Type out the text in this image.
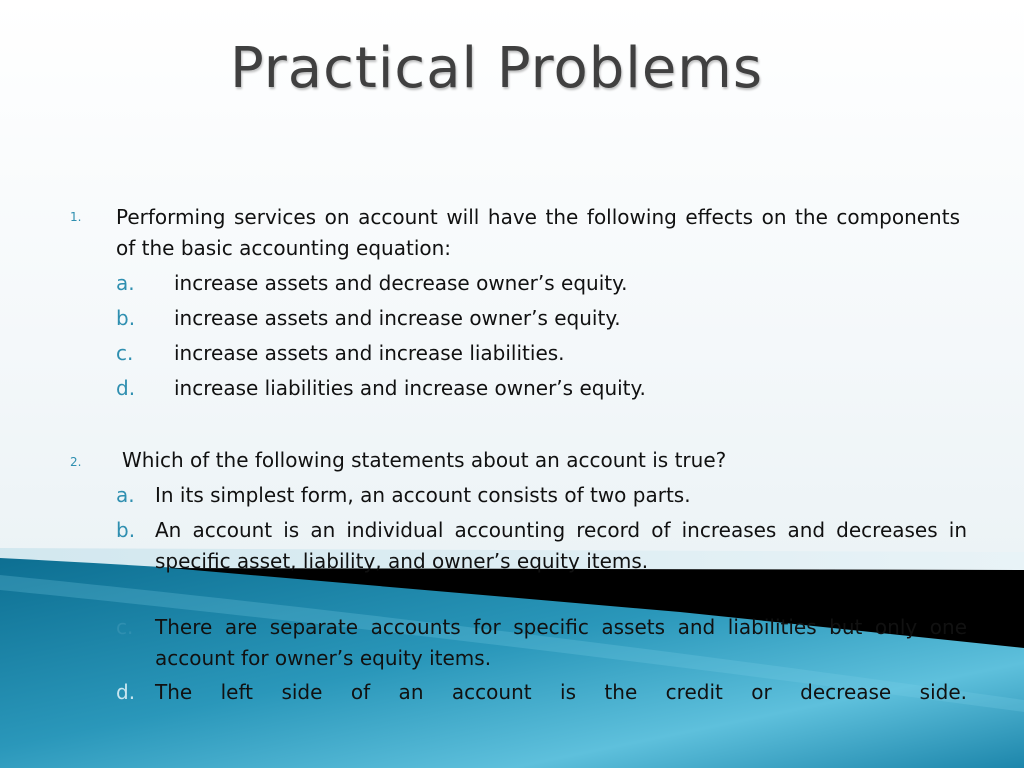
Practical Problems
1. Performing services on account will have the following effects on the components of the basic accounting equation:
a. increase assets and decrease owner’s equity.
b. increase assets and increase owner’s equity.
c. increase assets and increase liabilities.
d. increase liabilities and increase owner’s equity.
2. Which of the following statements about an account is true?
a. In its simplest form, an account consists of two parts.
b. An account is an individual accounting record of increases and decreases in specific asset, liability, and owner’s equity items.
c. There are separate accounts for specific assets and liabilities but only one account for owner’s equity items.
d. The left side of an account is the credit or decrease side.
